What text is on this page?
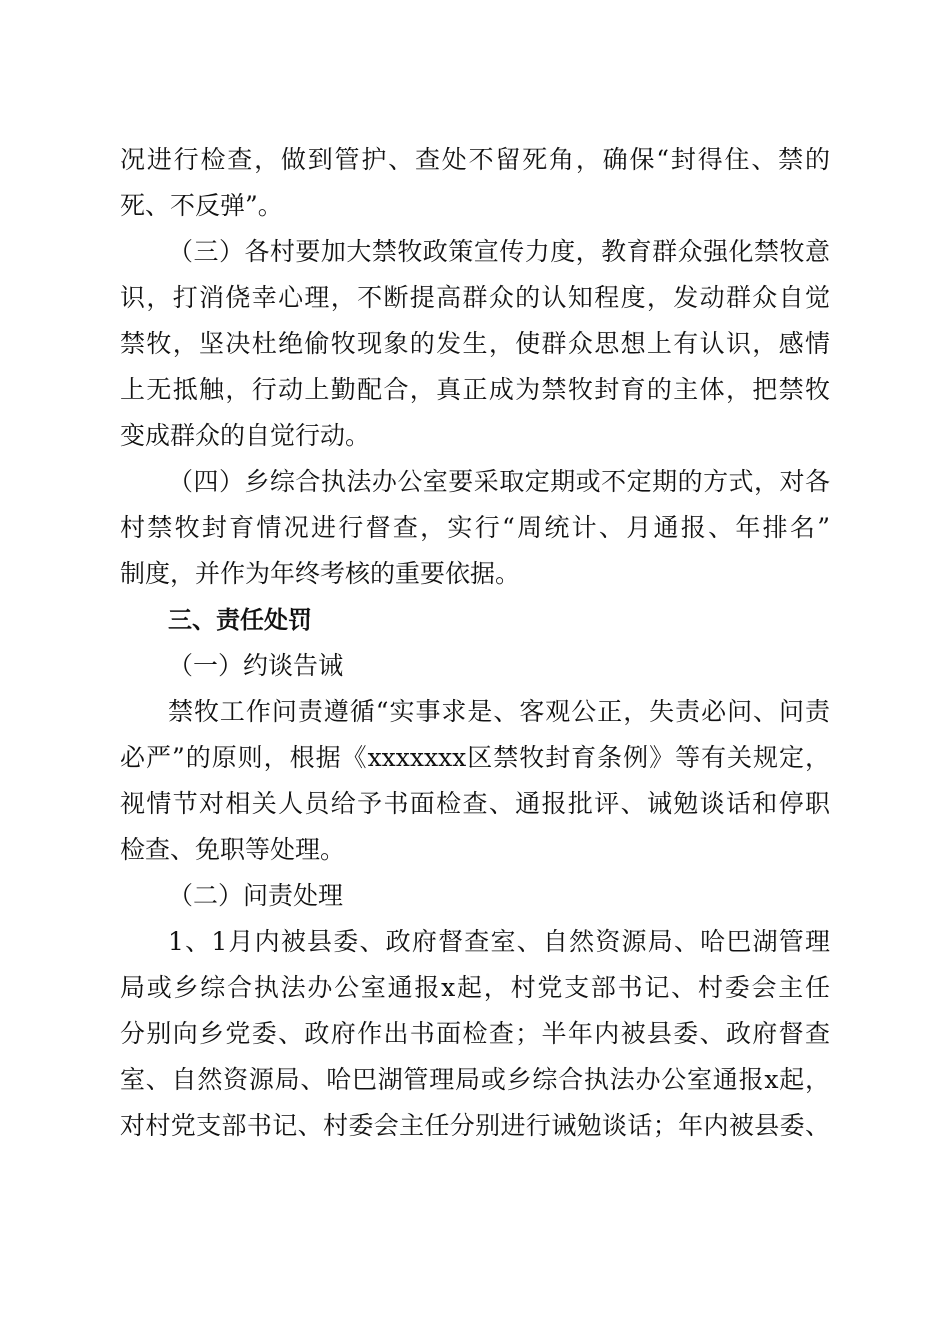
况进行检查，做到管护、查处不留死角，确保“封得住、禁的
死、不反弹”。
（三）各村要加大禁牧政策宣传力度，教育群众强化禁牧意
识，打消侥幸心理，不断提高群众的认知程度，发动群众自觉
禁牧，坚决杜绝偷牧现象的发生，使群众思想上有认识，感情
上无抵触，行动上勤配合，真正成为禁牧封育的主体，把禁牧
变成群众的自觉行动。
（四）乡综合执法办公室要采取定期或不定期的方式，对各
村禁牧封育情况进行督查，实行“周统计、月通报、年排名”
制度，并作为年终考核的重要依据。
三、责任处罚
（一）约谈告诫
禁牧工作问责遵循“实事求是、客观公正，失责必问、问责
必严”的原则，根据《xxxxxxx区禁牧封育条例》等有关规定，
视情节对相关人员给予书面检查、通报批评、诫勉谈话和停职
检查、免职等处理。
（二）问责处理
1、1月内被县委、政府督查室、自然资源局、哈巴湖管理
局或乡综合执法办公室通报x起，村党支部书记、村委会主任
分别向乡党委、政府作出书面检查；半年内被县委、政府督查
室、自然资源局、哈巴湖管理局或乡综合执法办公室通报x起，
对村党支部书记、村委会主任分别进行诫勉谈话；年内被县委、
